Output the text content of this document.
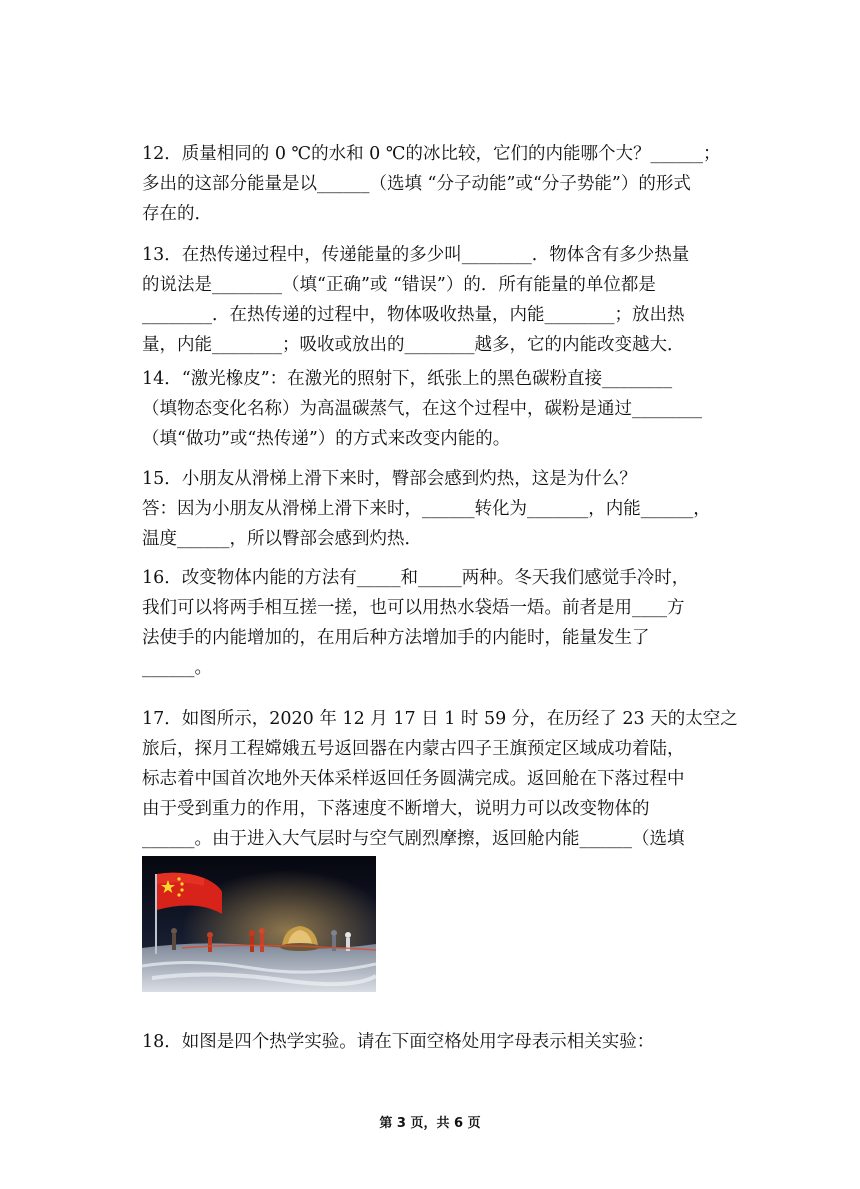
12．质量相同的 0 ℃的水和 0 ℃的冰比较，它们的内能哪个大？______；
多出的这部分能量是以______（选填 “分子动能”或“分子势能”）的形式
存在的．
13．在热传递过程中，传递能量的多少叫________．物体含有多少热量
的说法是________（填“正确”或 “错误”）的．所有能量的单位都是
________．在热传递的过程中，物体吸收热量，内能________；放出热
量，内能________；吸收或放出的________越多，它的内能改变越大．
14．“激光橡皮”：在激光的照射下，纸张上的黑色碳粉直接________
（填物态变化名称）为高温碳蒸气，在这个过程中，碳粉是通过________
（填“做功”或“热传递”）的方式来改变内能的。
15．小朋友从滑梯上滑下来时，臀部会感到灼热，这是为什么？
答：因为小朋友从滑梯上滑下来时，______转化为_______，内能______，
温度______，所以臀部会感到灼热．
16．改变物体内能的方法有_____和_____两种。冬天我们感觉手冷时，
我们可以将两手相互搓一搓，也可以用热水袋焐一焐。前者是用____方
法使手的内能增加的，在用后种方法增加手的内能时，能量发生了
______。
17．如图所示，2020 年 12 月 17 日 1 时 59 分，在历经了 23 天的太空之
旅后，探月工程嫦娥五号返回器在内蒙古四子王旗预定区域成功着陆，
标志着中国首次地外天体采样返回任务圆满完成。返回舱在下落过程中
由于受到重力的作用，下落速度不断增大，说明力可以改变物体的
______。由于进入大气层时与空气剧烈摩擦，返回舱内能______（选填
18．如图是四个热学实验。请在下面空格处用字母表示相关实验：
第 3 页，共 6 页
